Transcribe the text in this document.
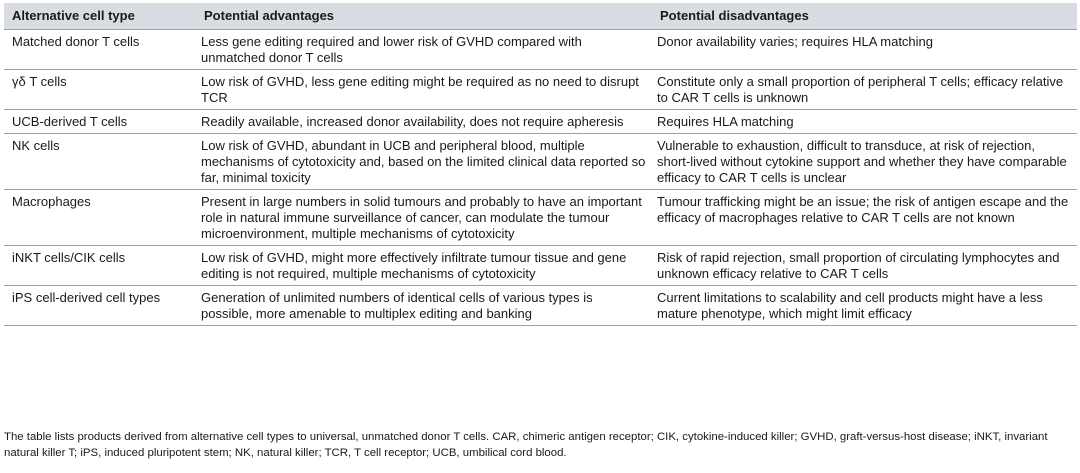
Alternative cell type	Potential advantages	Potential disadvantages
Matched donor T cells	Less gene editing required and lower risk of GVHD compared with unmatched donor T cells	Donor availability varies; requires HLA matching
γδ T cells	Low risk of GVHD, less gene editing might be required as no need to disrupt TCR	Constitute only a small proportion of peripheral T cells; efficacy relative to CAR T cells is unknown
UCB-derived T cells	Readily available, increased donor availability, does not require apheresis	Requires HLA matching
NK cells	Low risk of GVHD, abundant in UCB and peripheral blood, multiple mechanisms of cytotoxicity and, based on the limited clinical data reported so far, minimal toxicity	Vulnerable to exhaustion, difficult to transduce, at risk of rejection, short-lived without cytokine support and whether they have comparable efficacy to CAR T cells is unclear
Macrophages	Present in large numbers in solid tumours and probably to have an important role in natural immune surveillance of cancer, can modulate the tumour microenvironment, multiple mechanisms of cytotoxicity	Tumour trafficking might be an issue; the risk of antigen escape and the efficacy of macrophages relative to CAR T cells are not known
iNKT cells/CIK cells	Low risk of GVHD, might more effectively infiltrate tumour tissue and gene editing is not required, multiple mechanisms of cytotoxicity	Risk of rapid rejection, small proportion of circulating lymphocytes and unknown efficacy relative to CAR T cells
iPS cell-derived cell types	Generation of unlimited numbers of identical cells of various types is possible, more amenable to multiplex editing and banking	Current limitations to scalability and cell products might have a less mature phenotype, which might limit efficacy
The table lists products derived from alternative cell types to universal, unmatched donor T cells. CAR, chimeric antigen receptor; CIK, cytokine-induced killer; GVHD, graft-versus-host disease; iNKT, invariant natural killer T; iPS, induced pluripotent stem; NK, natural killer; TCR, T cell receptor; UCB, umbilical cord blood.
